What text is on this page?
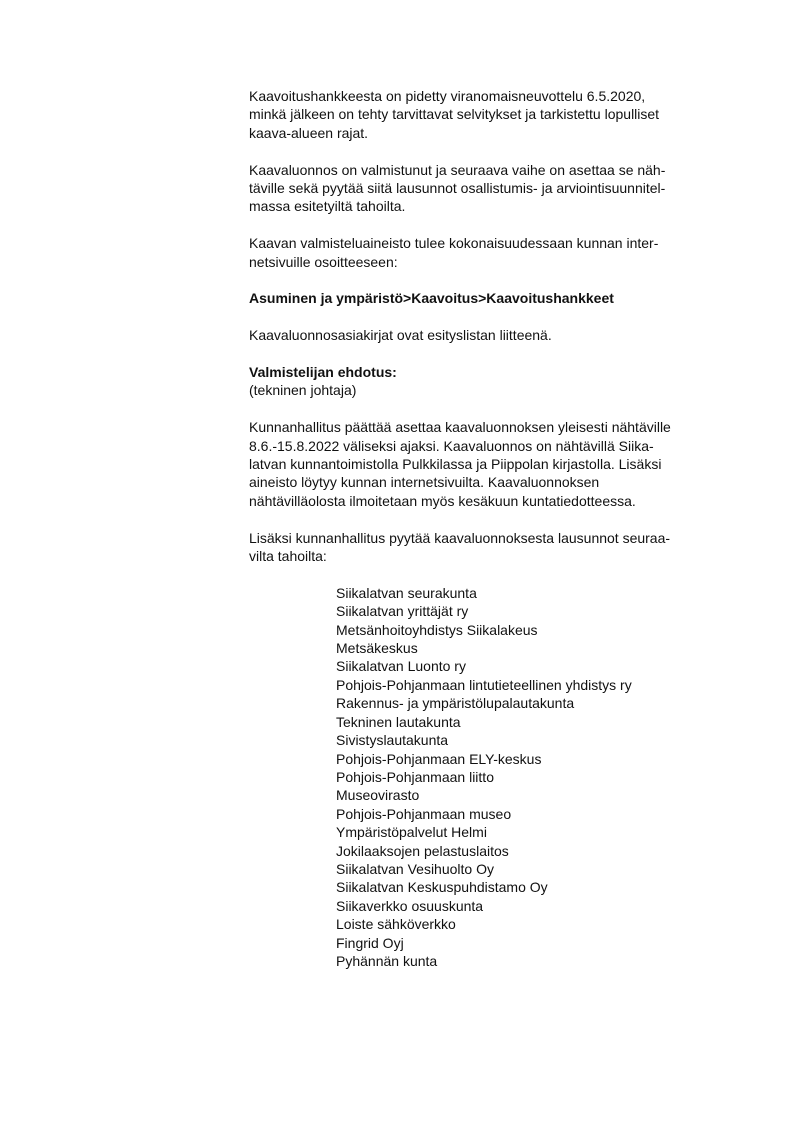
Kaavoitushankkeesta on pidetty viranomaisneuvottelu 6.5.2020,
minkä jälkeen on tehty tarvittavat selvitykset ja tarkistettu lopulliset
kaava-alueen rajat.

Kaavaluonnos on valmistunut ja seuraava vaihe on asettaa se näh-
täville sekä pyytää siitä lausunnot osallistumis- ja arviointisuunnitel-
massa esitetyiltä tahoilta.

Kaavan valmisteluaineisto tulee kokonaisuudessaan kunnan inter-
netsivuille osoitteeseen:

Asuminen ja ympäristö>Kaavoitus>Kaavoitushankkeet

Kaavaluonnosasiakirjat ovat esityslistan liitteenä.

Valmistelijan ehdotus:
(tekninen johtaja)

Kunnanhallitus päättää asettaa kaavaluonnoksen yleisesti nähtäville
8.6.-15.8.2022 väliseksi ajaksi. Kaavaluonnos on nähtävillä Siika-
latvan kunnantoimistolla Pulkkilassa ja Piippolan kirjastolla. Lisäksi
aineisto löytyy kunnan internetsivuilta. Kaavaluonnoksen
nähtävilläolosta ilmoitetaan myös kesäkuun kuntatiedotteessa.

Lisäksi kunnanhallitus pyytää kaavaluonnoksesta lausunnot seuraa-
vilta tahoilta:

Siikalatvan seurakunta
Siikalatvan yrittäjät ry
Metsänhoitoyhdistys Siikalakeus
Metsäkeskus
Siikalatvan Luonto ry
Pohjois-Pohjanmaan lintutieteellinen yhdistys ry
Rakennus- ja ympäristölupalautakunta
Tekninen lautakunta
Sivistyslautakunta
Pohjois-Pohjanmaan ELY-keskus
Pohjois-Pohjanmaan liitto
Museovirasto
Pohjois-Pohjanmaan museo
Ympäristöpalvelut Helmi
Jokilaaksojen pelastuslaitos
Siikalatvan Vesihuolto Oy
Siikalatvan Keskuspuhdistamo Oy
Siikaverkko osuuskunta
Loiste sähköverkko
Fingrid Oyj
Pyhännän kunta
